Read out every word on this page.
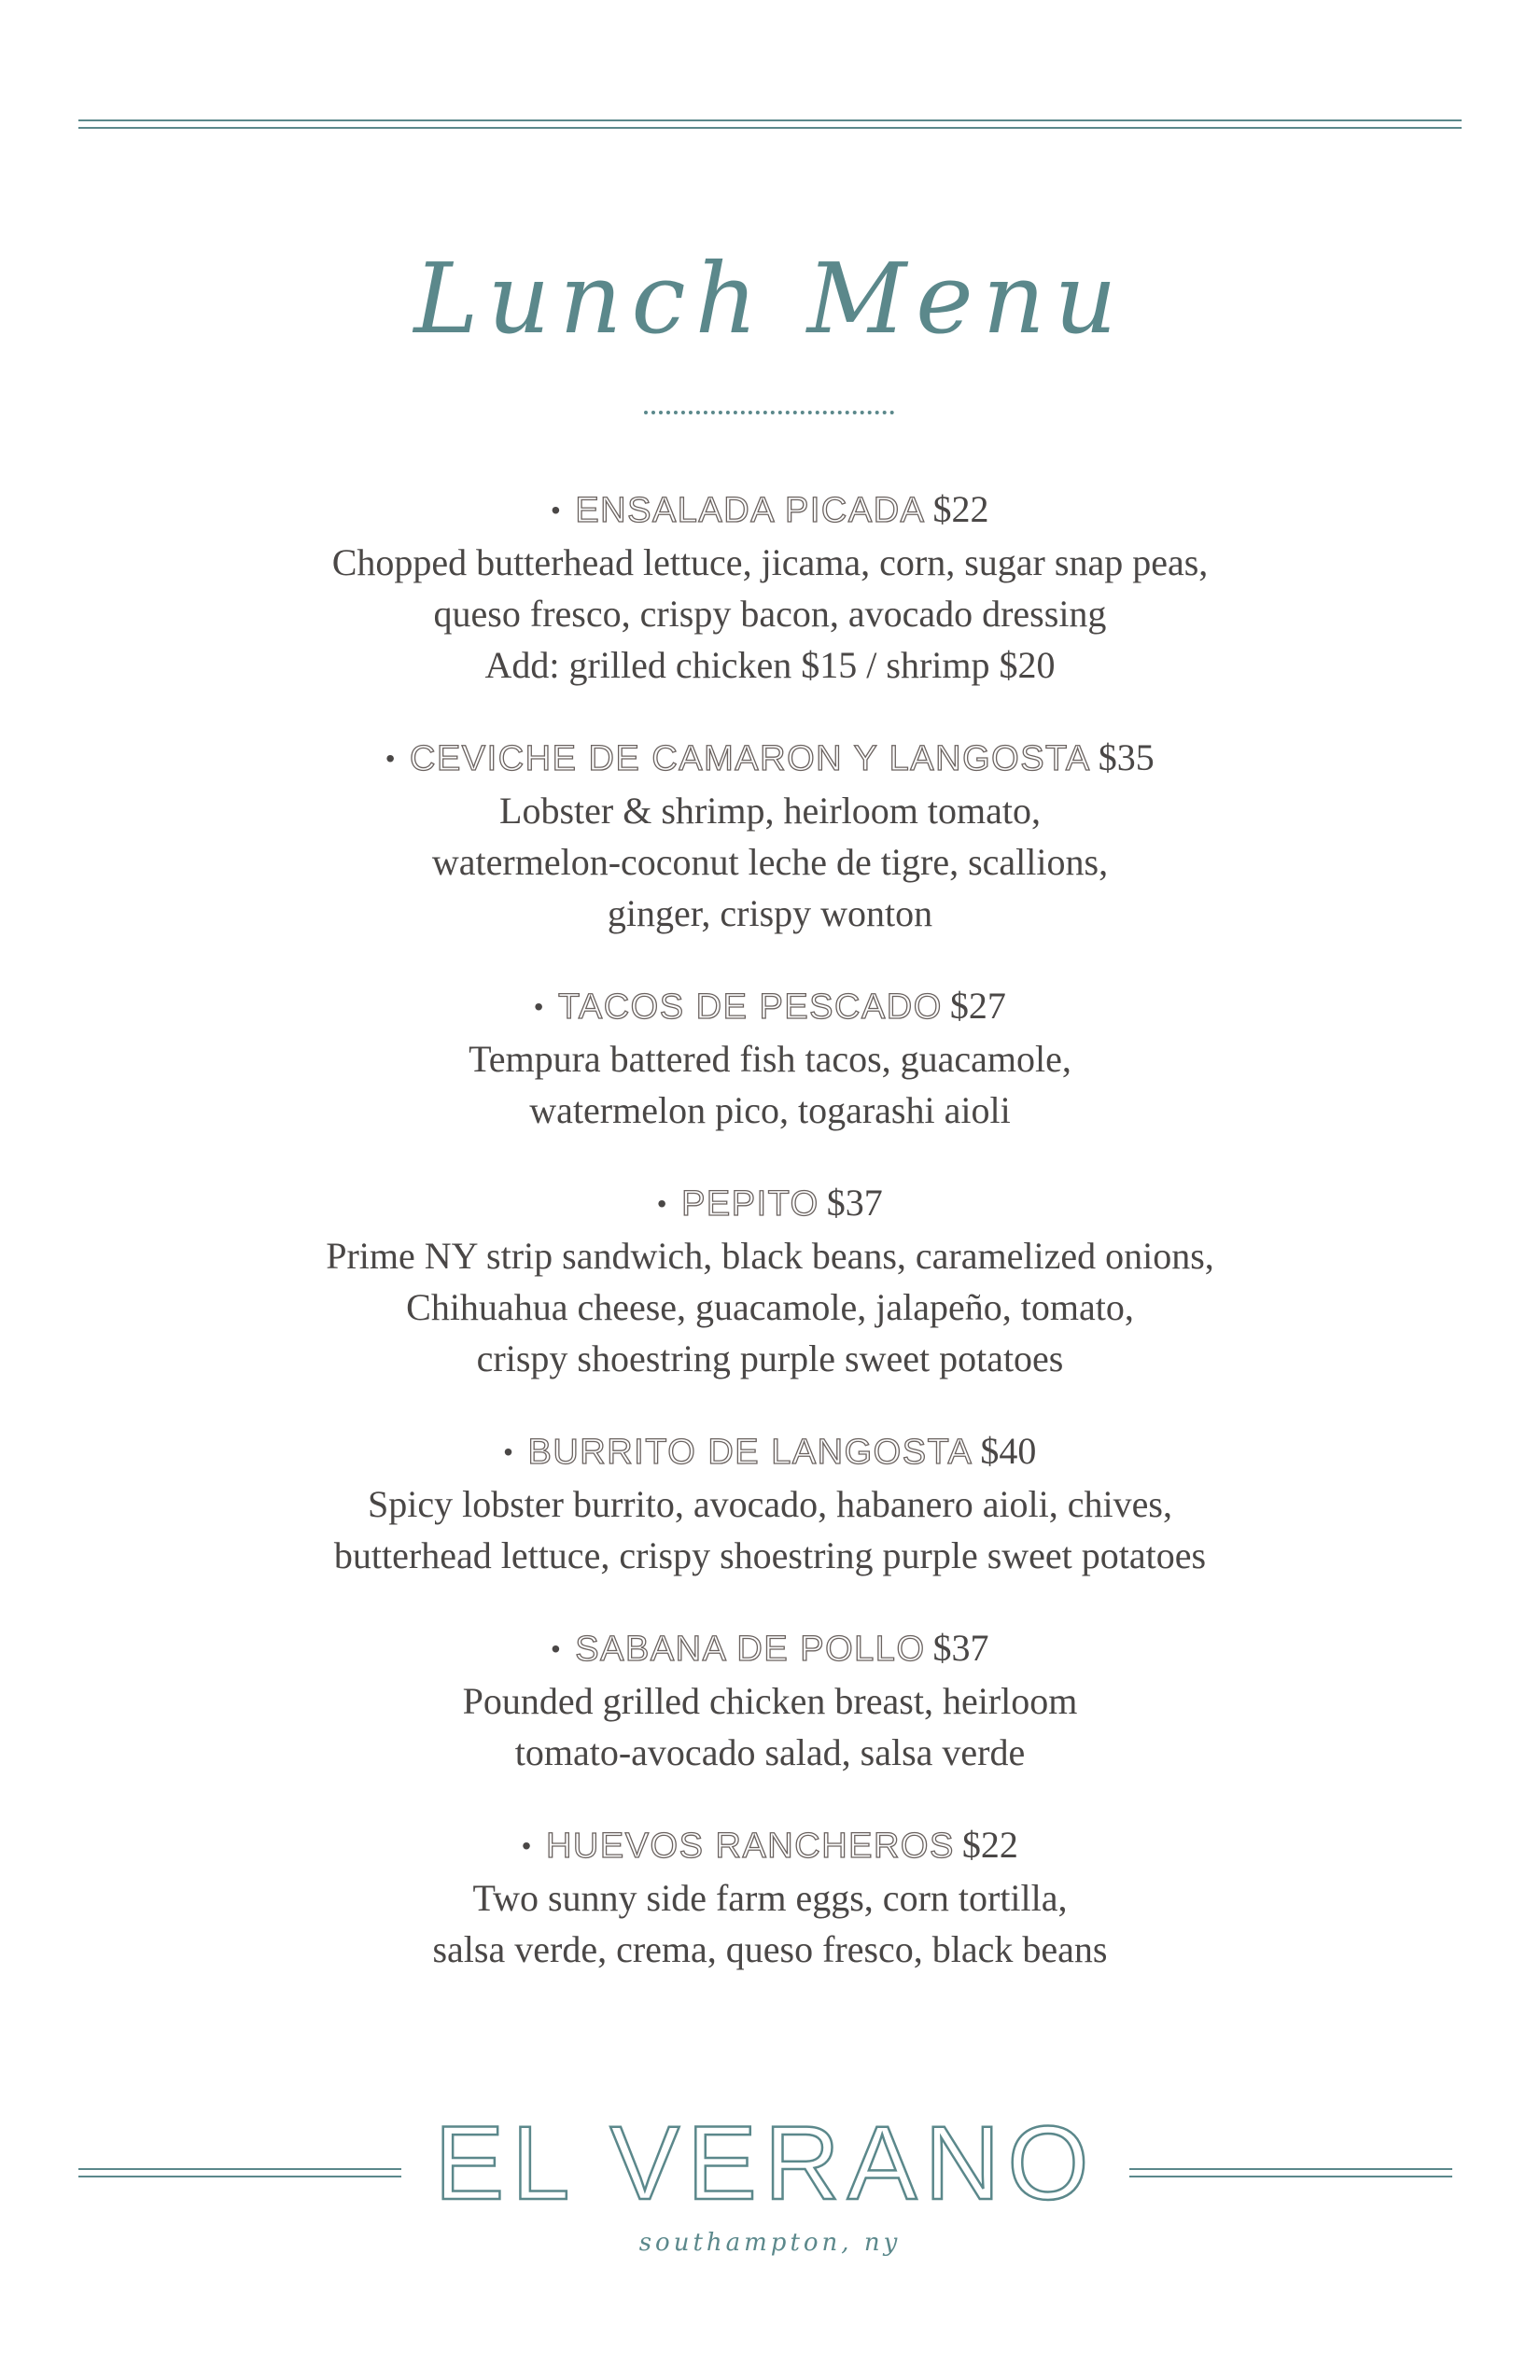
Lunch Menu
• ENSALADA PICADA $22
Chopped butterhead lettuce, jicama, corn, sugar snap peas,
queso fresco, crispy bacon, avocado dressing
Add: grilled chicken $15 / shrimp $20
• CEVICHE DE CAMARON Y LANGOSTA $35
Lobster & shrimp, heirloom tomato,
watermelon-coconut leche de tigre, scallions,
ginger, crispy wonton
• TACOS DE PESCADO $27
Tempura battered fish tacos, guacamole,
watermelon pico, togarashi aioli
• PEPITO $37
Prime NY strip sandwich, black beans, caramelized onions,
Chihuahua cheese, guacamole, jalapeño, tomato,
crispy shoestring purple sweet potatoes
• BURRITO DE LANGOSTA $40
Spicy lobster burrito, avocado, habanero aioli, chives,
butterhead lettuce, crispy shoestring purple sweet potatoes
• SABANA DE POLLO $37
Pounded grilled chicken breast, heirloom
tomato-avocado salad, salsa verde
• HUEVOS RANCHEROS $22
Two sunny side farm eggs, corn tortilla,
salsa verde, crema, queso fresco, black beans
EL VERANO
southampton, ny
